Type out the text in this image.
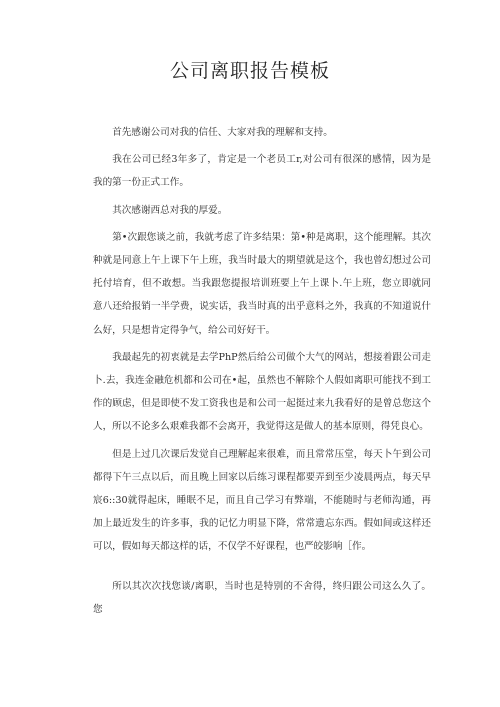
公司离职报告模板

首先感谢公司对我的信任、大家对我的理解和支持。

我在公司已经3年多了，肯定是一个老员工r,对公司有很深的感情，因为是我的第一份正式工作。

其次感谢西总对我的厚爱。

第•次跟您谈之前，我就考虑了许多结果：第•种是离职，这个能理解。其次种就是同意上午上课下午上班，我当时最大的期望就是这个，我也曾幻想过公司托付培育，但不敢想。当我跟您提报培训班要上午上课卜.午上班，您立即就同意八还给报销一半学费，说实话，我当时真的出乎意料之外，我真的不知道说什么好，只是想肯定得争气，给公司好好干。

我最起先的初衷就是去学PhP然后给公司做个大气的网站，想接着跟公司走卜.去，我连金融危机都和公司在•起，虽然也不解除个人假如离职可能找不到工作的顾虑，但是即使不发工资我也是和公司一起挺过来九我看好的是曾总您这个人，所以不论多么艰难我都不会离开，我觉得这是做人的基本原则，得凭良心。

但是上过几次课后发觉自己理解起来很难，而且常常压堂，每天卜午到公司都得下午三点以后，而且晚上回家以后练习课程都要弄到至少凌晨两点，每天早宸6::30就得起床，睡眠不足，而且自己学习有弊端，不能随时与老师沟通，再加上最近发生的许多事，我的记忆力明显下降，常常遗忘东西。假如间或这样还可以，假如每天都这样的话，不仅学不好课程，也严皎影响［作。

所以其次次找您谈/离职，当时也是特别的不舍得，终归跟公司这么久了。您
